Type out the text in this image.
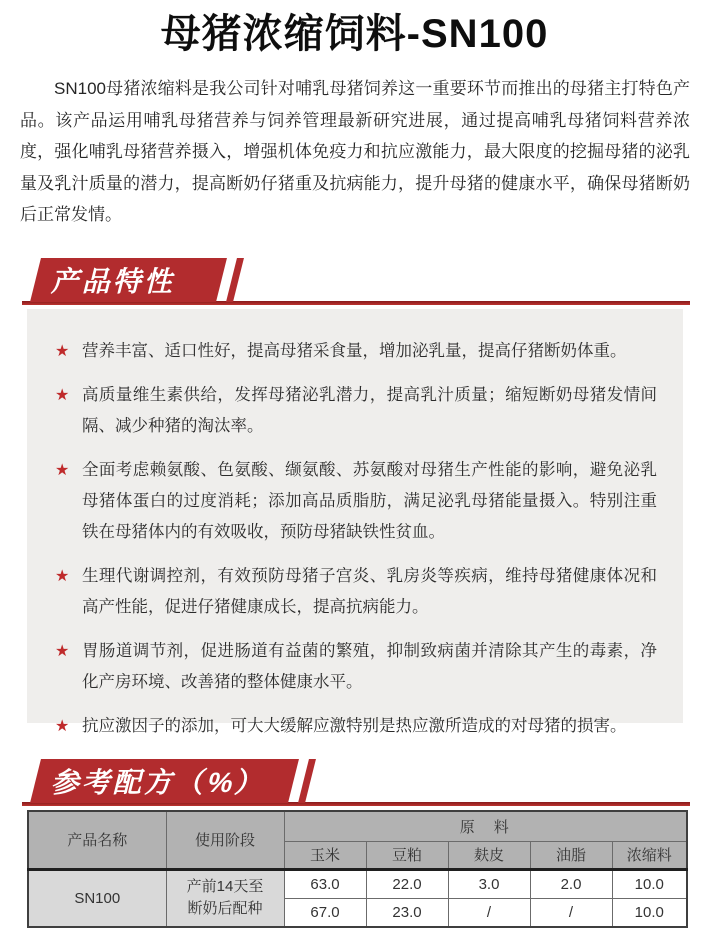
母猪浓缩饲料-SN100

SN100母猪浓缩料是我公司针对哺乳母猪饲养这一重要环节而推出的母猪主打特色产品。该产品运用哺乳母猪营养与饲养管理最新研究进展，通过提高哺乳母猪饲料营养浓度，强化哺乳母猪营养摄入，增强机体免疫力和抗应激能力，最大限度的挖掘母猪的泌乳量及乳汁质量的潜力，提高断奶仔猪重及抗病能力，提升母猪的健康水平，确保母猪断奶后正常发情。

产品特性
★ 营养丰富、适口性好，提高母猪采食量，增加泌乳量，提高仔猪断奶体重。
★ 高质量维生素供给，发挥母猪泌乳潜力，提高乳汁质量；缩短断奶母猪发情间隔、减少种猪的淘汰率。
★ 全面考虑赖氨酸、色氨酸、缬氨酸、苏氨酸对母猪生产性能的影响，避免泌乳母猪体蛋白的过度消耗；添加高品质脂肪，满足泌乳母猪能量摄入。特别注重铁在母猪体内的有效吸收，预防母猪缺铁性贫血。
★ 生理代谢调控剂，有效预防母猪子宫炎、乳房炎等疾病，维持母猪健康体况和高产性能，促进仔猪健康成长，提高抗病能力。
★ 胃肠道调节剂，促进肠道有益菌的繁殖，抑制致病菌并清除其产生的毒素，净化产房环境、改善猪的整体健康水平。
★ 抗应激因子的添加，可大大缓解应激特别是热应激所造成的对母猪的损害。
参考配方（%）
产品名称	使用阶段	原　料				
		玉米	豆粕	麸皮	油脂	浓缩料
SN100	产前14天至
断奶后配种	63.0	22.0	3.0	2.0	10.0
		67.0	23.0	/	/	10.0
